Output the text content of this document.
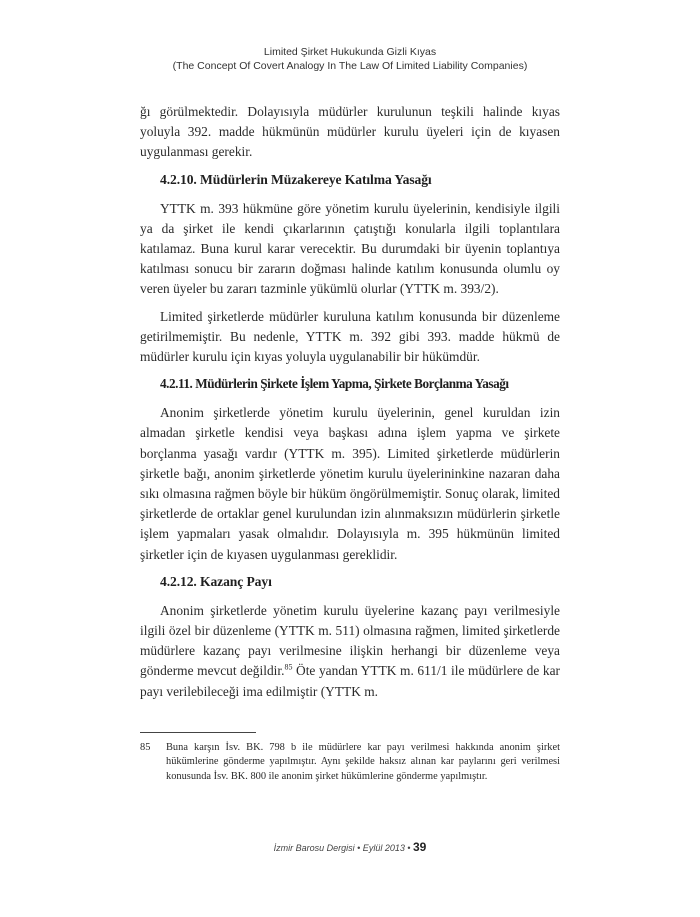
Limited Şirket Hukukunda Gizli Kıyas
(The Concept Of Covert Analogy In The Law Of Limited Liability Companies)

ğı görülmektedir. Dolayısıyla müdürler kurulunun teşkili halinde kıyas yoluyla 392. madde hükmünün müdürler kurulu üyeleri için de kıyasen uygulanması gerekir.

4.2.10. Müdürlerin Müzakereye Katılma Yasağı

YTTK m. 393 hükmüne göre yönetim kurulu üyelerinin, kendisiyle ilgili ya da şirket ile kendi çıkarlarının çatıştığı konularla ilgili toplantılara katılamaz. Buna kurul karar verecektir. Bu durumdaki bir üyenin toplantıya katılması sonucu bir zararın doğması halinde katılım konusunda olumlu oy veren üyeler bu zararı tazminle yükümlü olurlar (YTTK m. 393/2).

Limited şirketlerde müdürler kuruluna katılım konusunda bir düzenleme getirilmemiştir. Bu nedenle, YTTK m. 392 gibi 393. madde hükmü de müdürler kurulu için kıyas yoluyla uygulanabilir bir hükümdür.

4.2.11. Müdürlerin Şirkete İşlem Yapma, Şirkete Borçlanma Yasağı

Anonim şirketlerde yönetim kurulu üyelerinin, genel kuruldan izin almadan şirketle kendisi veya başkası adına işlem yapma ve şirkete borçlanma yasağı vardır (YTTK m. 395). Limited şirketlerde müdürlerin şirketle bağı, anonim şirketlerde yönetim kurulu üyelerininkine nazaran daha sıkı olmasına rağmen böyle bir hüküm öngörülmemiştir. Sonuç olarak, limited şirketlerde de ortaklar genel kurulundan izin alınmaksızın müdürlerin şirketle işlem yapmaları yasak olmalıdır. Dolayısıyla m. 395 hükmünün limited şirketler için de kıyasen uygulanması gereklidir.

4.2.12. Kazanç Payı

Anonim şirketlerde yönetim kurulu üyelerine kazanç payı verilmesiyle ilgili özel bir düzenleme (YTTK m. 511) olmasına rağmen, limited şirketlerde müdürlere kazanç payı verilmesine ilişkin herhangi bir düzenleme veya gönderme mevcut değildir.$^{85}$ Öte yandan YTTK m. 611/1 ile müdürlere de kar payı verilebileceği ima edilmiştir (YTTK m.

85	Buna karşın İsv. BK. 798 b ile müdürlere kar payı verilmesi hakkında anonim şirket hükümlerine gönderme yapılmıştır. Aynı şekilde haksız alınan kar paylarını geri verilmesi konusunda İsv. BK. 800 ile anonim şirket hükümlerine gönderme yapılmıştır.
İzmir Barosu Dergisi • Eylül 2013 • 39
